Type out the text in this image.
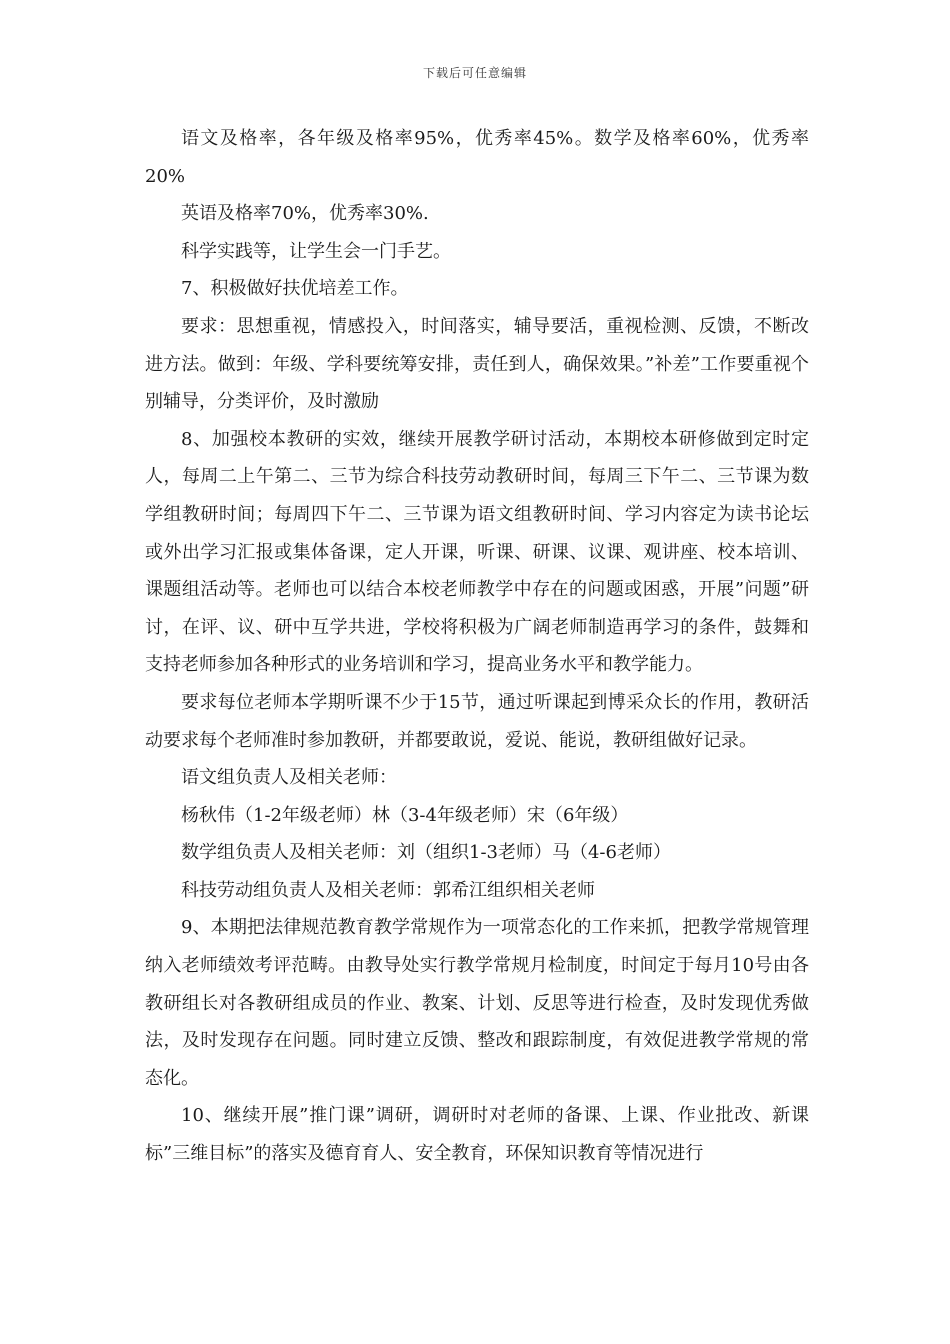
下载后可任意编辑

语文及格率，各年级及格率95%，优秀率45%。数学及格率60%，优秀率20%

英语及格率70%，优秀率30%.

科学实践等，让学生会一门手艺。

7、积极做好扶优培差工作。

要求：思想重视，情感投入，时间落实，辅导要活，重视检测、反馈，不断改进方法。做到：年级、学科要统筹安排，责任到人，确保效果。”补差”工作要重视个别辅导，分类评价，及时激励

8、加强校本教研的实效，继续开展教学研讨活动，本期校本研修做到定时定人，每周二上午第二、三节为综合科技劳动教研时间，每周三下午二、三节课为数学组教研时间；每周四下午二、三节课为语文组教研时间、学习内容定为读书论坛或外出学习汇报或集体备课，定人开课，听课、研课、议课、观讲座、校本培训、课题组活动等。老师也可以结合本校老师教学中存在的问题或困惑，开展”问题”研讨，在评、议、研中互学共进，学校将积极为广阔老师制造再学习的条件，鼓舞和支持老师参加各种形式的业务培训和学习，提高业务水平和教学能力。

要求每位老师本学期听课不少于15节，通过听课起到博采众长的作用，教研活动要求每个老师准时参加教研，并都要敢说，爱说、能说，教研组做好记录。

语文组负责人及相关老师：

杨秋伟（1-2年级老师）林（3-4年级老师）宋（6年级）

数学组负责人及相关老师：刘（组织1-3老师）马（4-6老师）

科技劳动组负责人及相关老师：郭希江组织相关老师

9、本期把法律规范教育教学常规作为一项常态化的工作来抓，把教学常规管理纳入老师绩效考评范畴。由教导处实行教学常规月检制度，时间定于每月10号由各教研组长对各教研组成员的作业、教案、计划、反思等进行检查，及时发现优秀做法，及时发现存在问题。同时建立反馈、整改和跟踪制度，有效促进教学常规的常态化。

10、继续开展”推门课”调研，调研时对老师的备课、上课、作业批改、新课标”三维目标”的落实及德育育人、安全教育，环保知识教育等情况进行
